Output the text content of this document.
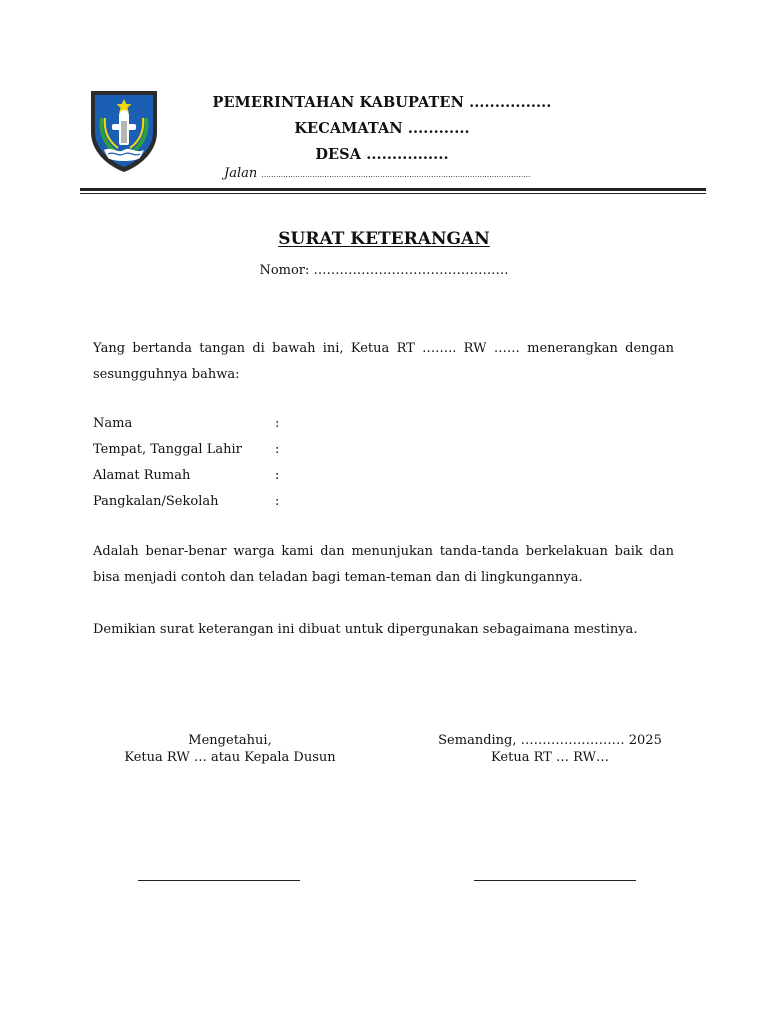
PEMERINTAHAN KABUPATEN ................
KECAMATAN ............
DESA ................
Jalan ...............................................................................................................
SURAT KETERANGAN
Nomor: ………………………………………

Yang bertanda tangan di bawah ini, Ketua RT …….. RW …… menerangkan dengan sesungguhnya bahwa:

Nama	:
Tempat, Tanggal Lahir	:
Alamat Rumah	:
Pangkalan/Sekolah	:

Adalah benar-benar warga kami dan menunjukan tanda-tanda berkelakuan baik dan bisa menjadi contoh dan teladan bagi teman-teman dan di lingkungannya.

Demikian surat keterangan ini dibuat untuk dipergunakan sebagaimana mestinya.

Mengetahui,
Ketua RW … atau Kepala Dusun
Semanding, …………………… 2025
Ketua RT … RW…
